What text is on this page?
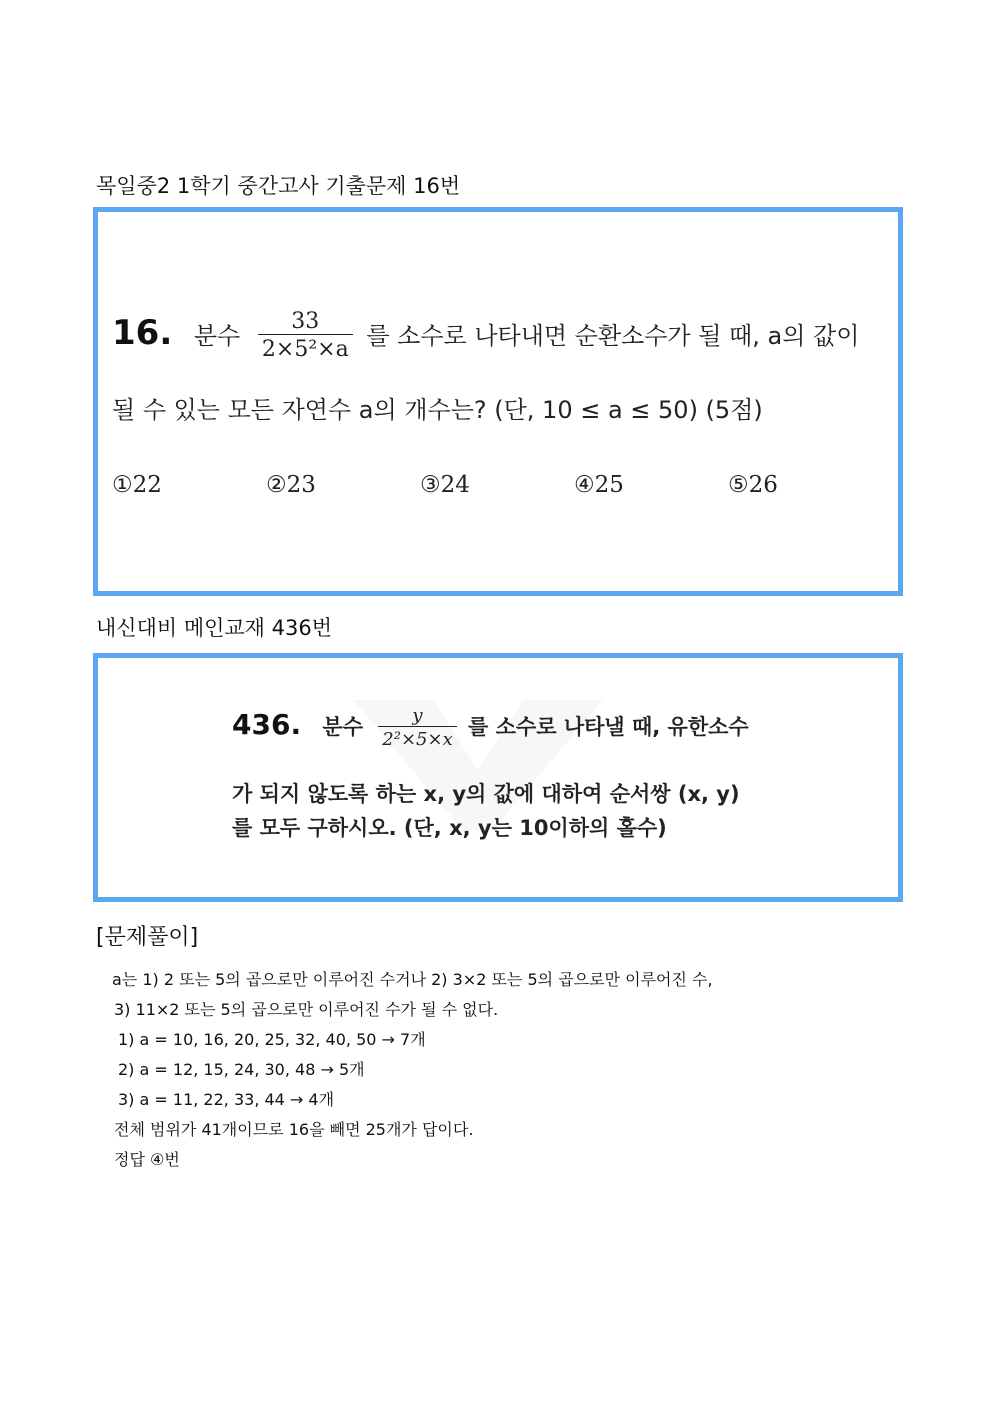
목일중2 1학기 중간고사 기출문제 16번
16. 분수 $\frac{33}{\text{2×5²×a}}$ 를 소수로 나타내면 순환소수가 될 때, a의 값이
될 수 있는 모든 자연수 a의 개수는? (단, 10 ≤ a ≤ 50) (5점)
①22	②23	③24	④25	⑤26
내신대비 메인교재 436번
436. 분수 $\frac{y}{\text{2²×5×x}}$ 를 소수로 나타낼 때, 유한소수
가 되지 않도록 하는 x, y의 값에 대하여 순서쌍 (x, y)
를 모두 구하시오. (단, x, y는 10이하의 홀수)
[문제풀이]
a는 1) 2 또는 5의 곱으로만 이루어진 수거나 2) 3×2 또는 5의 곱으로만 이루어진 수,
3) 11×2 또는 5의 곱으로만 이루어진 수가 될 수 없다.
1) a = 10, 16, 20, 25, 32, 40, 50 → 7개
2) a = 12, 15, 24, 30, 48 → 5개
3) a = 11, 22, 33, 44 → 4개
전체 범위가 41개이므로 16을 빼면 25개가 답이다.
정답 ④번
